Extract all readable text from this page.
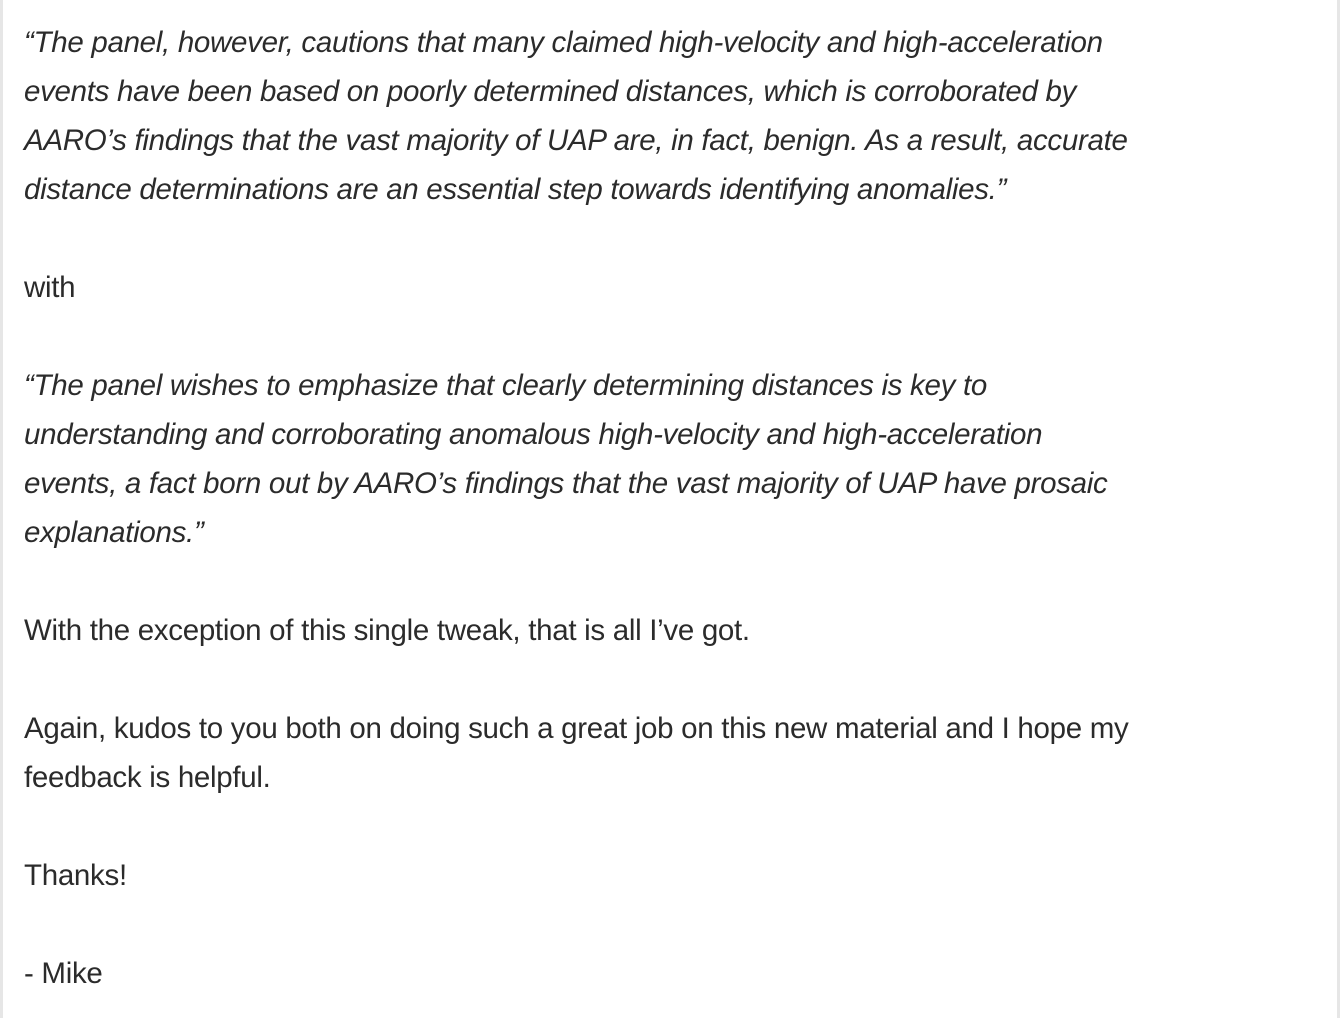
“The panel, however, cautions that many claimed high-velocity and high-acceleration
events have been based on poorly determined distances, which is corroborated by
AARO’s findings that the vast majority of UAP are, in fact, benign. As a result, accurate
distance determinations are an essential step towards identifying anomalies.”

with

“The panel wishes to emphasize that clearly determining distances is key to
understanding and corroborating anomalous high-velocity and high-acceleration
events, a fact born out by AARO’s findings that the vast majority of UAP have prosaic
explanations.”

With the exception of this single tweak, that is all I’ve got.

Again, kudos to you both on doing such a great job on this new material and I hope my
feedback is helpful.

Thanks!

- Mike
